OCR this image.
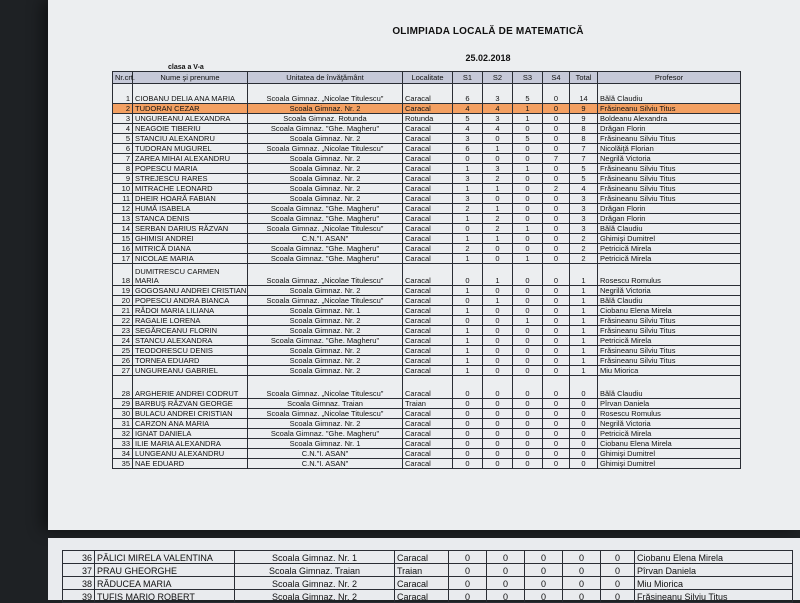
OLIMPIADA LOCALĂ DE MATEMATICĂ
25.02.2018
clasa a V-a
Nr.crt.	Nume şi prenume	Unitatea de învăţământ	Localitate	S1	S2	S3	S4	Total	Profesor
1	CIOBANU DELIA ANA MARIA	Scoala Gimnaz. „Nicolae Titulescu"	Caracal	6	3	5	0	14	Bălă Claudiu
2	TUDORAN CEZAR	Scoala Gimnaz. Nr. 2	Caracal	4	4	1	0	9	Frăsineanu Silviu Titus
3	UNGUREANU ALEXANDRA	Scoala Gimnaz. Rotunda	Rotunda	5	3	1	0	9	Boldeanu Alexandra
4	NEAGOIE TIBERIU	Scoala Gimnaz. "Ghe. Magheru"	Caracal	4	4	0	0	8	Drăgan Florin
5	STANCIU ALEXANDRU	Scoala Gimnaz. Nr. 2	Caracal	3	0	5	0	8	Frăsineanu Silviu Titus
6	TUDORAN MUGUREL	Scoala Gimnaz. „Nicolae Titulescu"	Caracal	6	1	0	0	7	Nicolăiţă Florian
7	ZAREA MIHAI ALEXANDRU	Scoala Gimnaz. Nr. 2	Caracal	0	0	0	7	7	Negrilă Victoria
8	POPESCU MARIA	Scoala Gimnaz. Nr. 2	Caracal	1	3	1	0	5	Frăsineanu Silviu Titus
9	STREJESCU RARES	Scoala Gimnaz. Nr. 2	Caracal	3	2	0	0	5	Frăsineanu Silviu Titus
10	MITRACHE LEONARD	Scoala Gimnaz. Nr. 2	Caracal	1	1	0	2	4	Frăsineanu Silviu Titus
11	DHEIR HOARĂ FABIAN	Scoala Gimnaz. Nr. 2	Caracal	3	0	0	0	3	Frăsineanu Silviu Titus
12	HUMĂ ISABELA	Scoala Gimnaz. "Ghe. Magheru"	Caracal	2	1	0	0	3	Drăgan Florin
13	STANCA DENIS	Scoala Gimnaz. "Ghe. Magheru"	Caracal	1	2	0	0	3	Drăgan Florin
14	SERBAN DARIUS RĂZVAN	Scoala Gimnaz. „Nicolae Titulescu"	Caracal	0	2	1	0	3	Bălă Claudiu
15	GHIMISI ANDREI	C.N."I. ASAN"	Caracal	1	1	0	0	2	Ghimişi Dumitrel
16	MITRICĂ DIANA	Scoala Gimnaz. "Ghe. Magheru"	Caracal	2	0	0	0	2	Petricică Mirela
17	NICOLAE MARIA	Scoala Gimnaz. "Ghe. Magheru"	Caracal	1	0	1	0	2	Petricică Mirela
18	DUMITRESCU CARMEN MARIA	Scoala Gimnaz. „Nicolae Titulescu"	Caracal	0	1	0	0	1	Rosescu Romulus
19	GOGOSANU ANDREI CRISTIAN	Scoala Gimnaz. Nr. 2	Caracal	1	0	0	0	1	Negrilă Victoria
20	POPESCU ANDRA BIANCA	Scoala Gimnaz. „Nicolae Titulescu"	Caracal	0	1	0	0	1	Bălă Claudiu
21	RĂDOI MARIA LILIANA	Scoala Gimnaz. Nr. 1	Caracal	1	0	0	0	1	Ciobanu Elena Mirela
22	RAGALIE LORENA	Scoala Gimnaz. Nr. 2	Caracal	0	0	1	0	1	Frăsineanu Silviu Titus
23	SEGĂRCEANU FLORIN	Scoala Gimnaz. Nr. 2	Caracal	1	0	0	0	1	Frăsineanu Silviu Titus
24	STANCU ALEXANDRA	Scoala Gimnaz. "Ghe. Magheru"	Caracal	1	0	0	0	1	Petricică Mirela
25	TEODORESCU DENIS	Scoala Gimnaz. Nr. 2	Caracal	1	0	0	0	1	Frăsineanu Silviu Titus
26	TORNEA EDUARD	Scoala Gimnaz. Nr. 2	Caracal	1	0	0	0	1	Frăsineanu Silviu Titus
27	UNGUREANU GABRIEL	Scoala Gimnaz. Nr. 2	Caracal	1	0	0	0	1	Miu Miorica
28	ARGHERIE ANDREI CODRUT	Scoala Gimnaz. „Nicolae Titulescu"	Caracal	0	0	0	0	0	Bălă Claudiu
29	BARBUŞ RĂZVAN GEORGE	Scoala Gimnaz. Traian	Traian	0	0	0	0	0	Pîrvan Daniela
30	BULACU ANDREI CRISTIAN	Scoala Gimnaz. „Nicolae Titulescu"	Caracal	0	0	0	0	0	Rosescu Romulus
31	CARZON ANA MARIA	Scoala Gimnaz. Nr. 2	Caracal	0	0	0	0	0	Negrilă Victoria
32	IGNAT DANIELA	Scoala Gimnaz. "Ghe. Magheru"	Caracal	0	0	0	0	0	Petricică Mirela
33	ILIE MARIA ALEXANDRA	Scoala Gimnaz. Nr. 1	Caracal	0	0	0	0	0	Ciobanu Elena Mirela
34	LUNGEANU ALEXANDRU	C.N."I. ASAN"	Caracal	0	0	0	0	0	Ghimişi Dumitrel
35	NAE EDUARD	C.N."I. ASAN"	Caracal	0	0	0	0	0	Ghimişi Dumitrel
36	PĂLICI MIRELA VALENTINA	Scoala Gimnaz. Nr. 1	Caracal	0	0	0	0	0	Ciobanu Elena Mirela
37	PRAU GHEORGHE	Scoala Gimnaz. Traian	Traian	0	0	0	0	0	Pîrvan Daniela
38	RĂDUCEA MARIA	Scoala Gimnaz. Nr. 2	Caracal	0	0	0	0	0	Miu Miorica
39	TUFIS MARIO ROBERT	Scoala Gimnaz. Nr. 2	Caracal	0	0	0	0	0	Frăsineanu Silviu Titus
